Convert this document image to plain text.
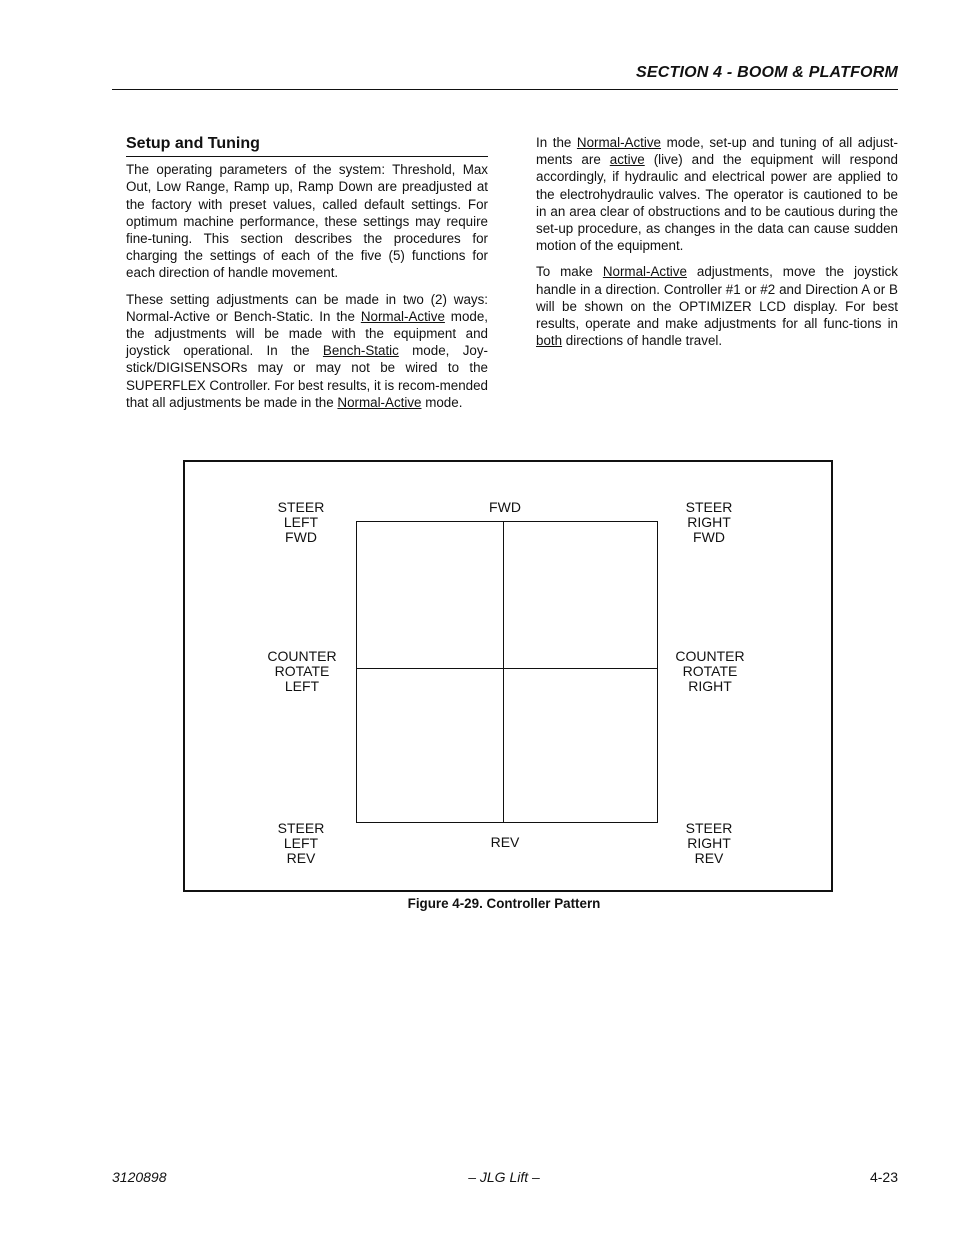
SECTION 4 - BOOM & PLATFORM
Setup and Tuning

The operating parameters of the system: Threshold, Max Out, Low Range, Ramp up, Ramp Down are preadjusted at the factory with preset values, called default settings. For optimum machine performance, these settings may require fine-tuning. This section describes the procedures for charging the settings of each of the five (5) functions for each direction of handle movement.

These setting adjustments can be made in two (2) ways: Normal-Active or Bench-Static. In the Normal-Active mode, the adjustments will be made with the equipment and joystick operational. In the Bench-Static mode, Joy-stick/DIGISENSORs may or may not be wired to the SUPERFLEX Controller. For best results, it is recom-mended that all adjustments be made in the Normal-Active mode.

In the Normal-Active mode, set-up and tuning of all adjust-ments are active (live) and the equipment will respond accordingly, if hydraulic and electrical power are applied to the electrohydraulic valves. The operator is cautioned to be in an area clear of obstructions and to be cautious during the set-up procedure, as changes in the data can cause sudden motion of the equipment.

To make Normal-Active adjustments, move the joystick handle in a direction. Controller #1 or #2 and Direction A or B will be shown on the OPTIMIZER LCD display. For best results, operate and make adjustments for all func-tions in both directions of handle travel.

STEER
LEFT
FWD
FWD	STEER
RIGHT
FWD
COUNTER
ROTATE
LEFT
COUNTER
ROTATE
RIGHT
STEER
LEFT
REV
REV
STEER
RIGHT
REV
Figure 4-29. Controller Pattern
3120898	– JLG Lift –	4-23
